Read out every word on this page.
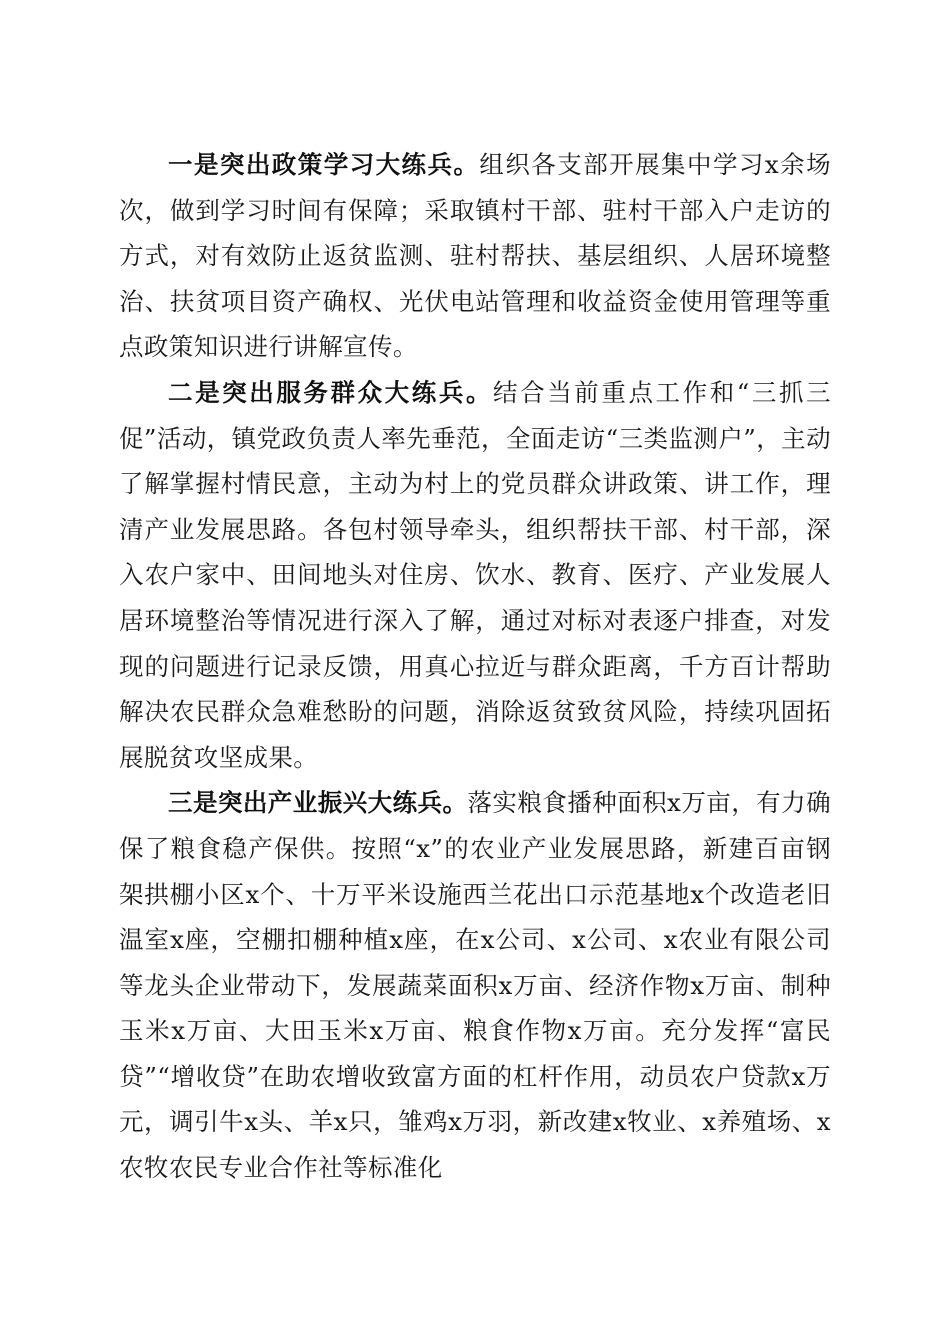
一是突出政策学习大练兵。组织各支部开展集中学习x余场次，做到学习时间有保障；采取镇村干部、驻村干部入户走访的方式，对有效防止返贫监测、驻村帮扶、基层组织、人居环境整治、扶贫项目资产确权、光伏电站管理和收益资金使用管理等重点政策知识进行讲解宣传。

二是突出服务群众大练兵。结合当前重点工作和“三抓三促”活动，镇党政负责人率先垂范，全面走访“三类监测户”，主动了解掌握村情民意，主动为村上的党员群众讲政策、讲工作，理清产业发展思路。各包村领导牵头，组织帮扶干部、村干部，深入农户家中、田间地头对住房、饮水、教育、医疗、产业发展人居环境整治等情况进行深入了解，通过对标对表逐户排查，对发现的问题进行记录反馈，用真心拉近与群众距离，千方百计帮助解决农民群众急难愁盼的问题，消除返贫致贫风险，持续巩固拓展脱贫攻坚成果。

三是突出产业振兴大练兵。落实粮食播种面积x万亩，有力确保了粮食稳产保供。按照“x”的农业产业发展思路，新建百亩钢架拱棚小区x个、十万平米设施西兰花出口示范基地x个改造老旧温室x座，空棚扣棚种植x座，在x公司、x公司、x农业有限公司等龙头企业带动下，发展蔬菜面积x万亩、经济作物x万亩、制种玉米x万亩、大田玉米x万亩、粮食作物x万亩。充分发挥“富民贷”“增收贷”在助农增收致富方面的杠杆作用，动员农户贷款x万元，调引牛x头、羊x只，雏鸡x万羽，新改建x牧业、x养殖场、x农牧农民专业合作社等标准化
